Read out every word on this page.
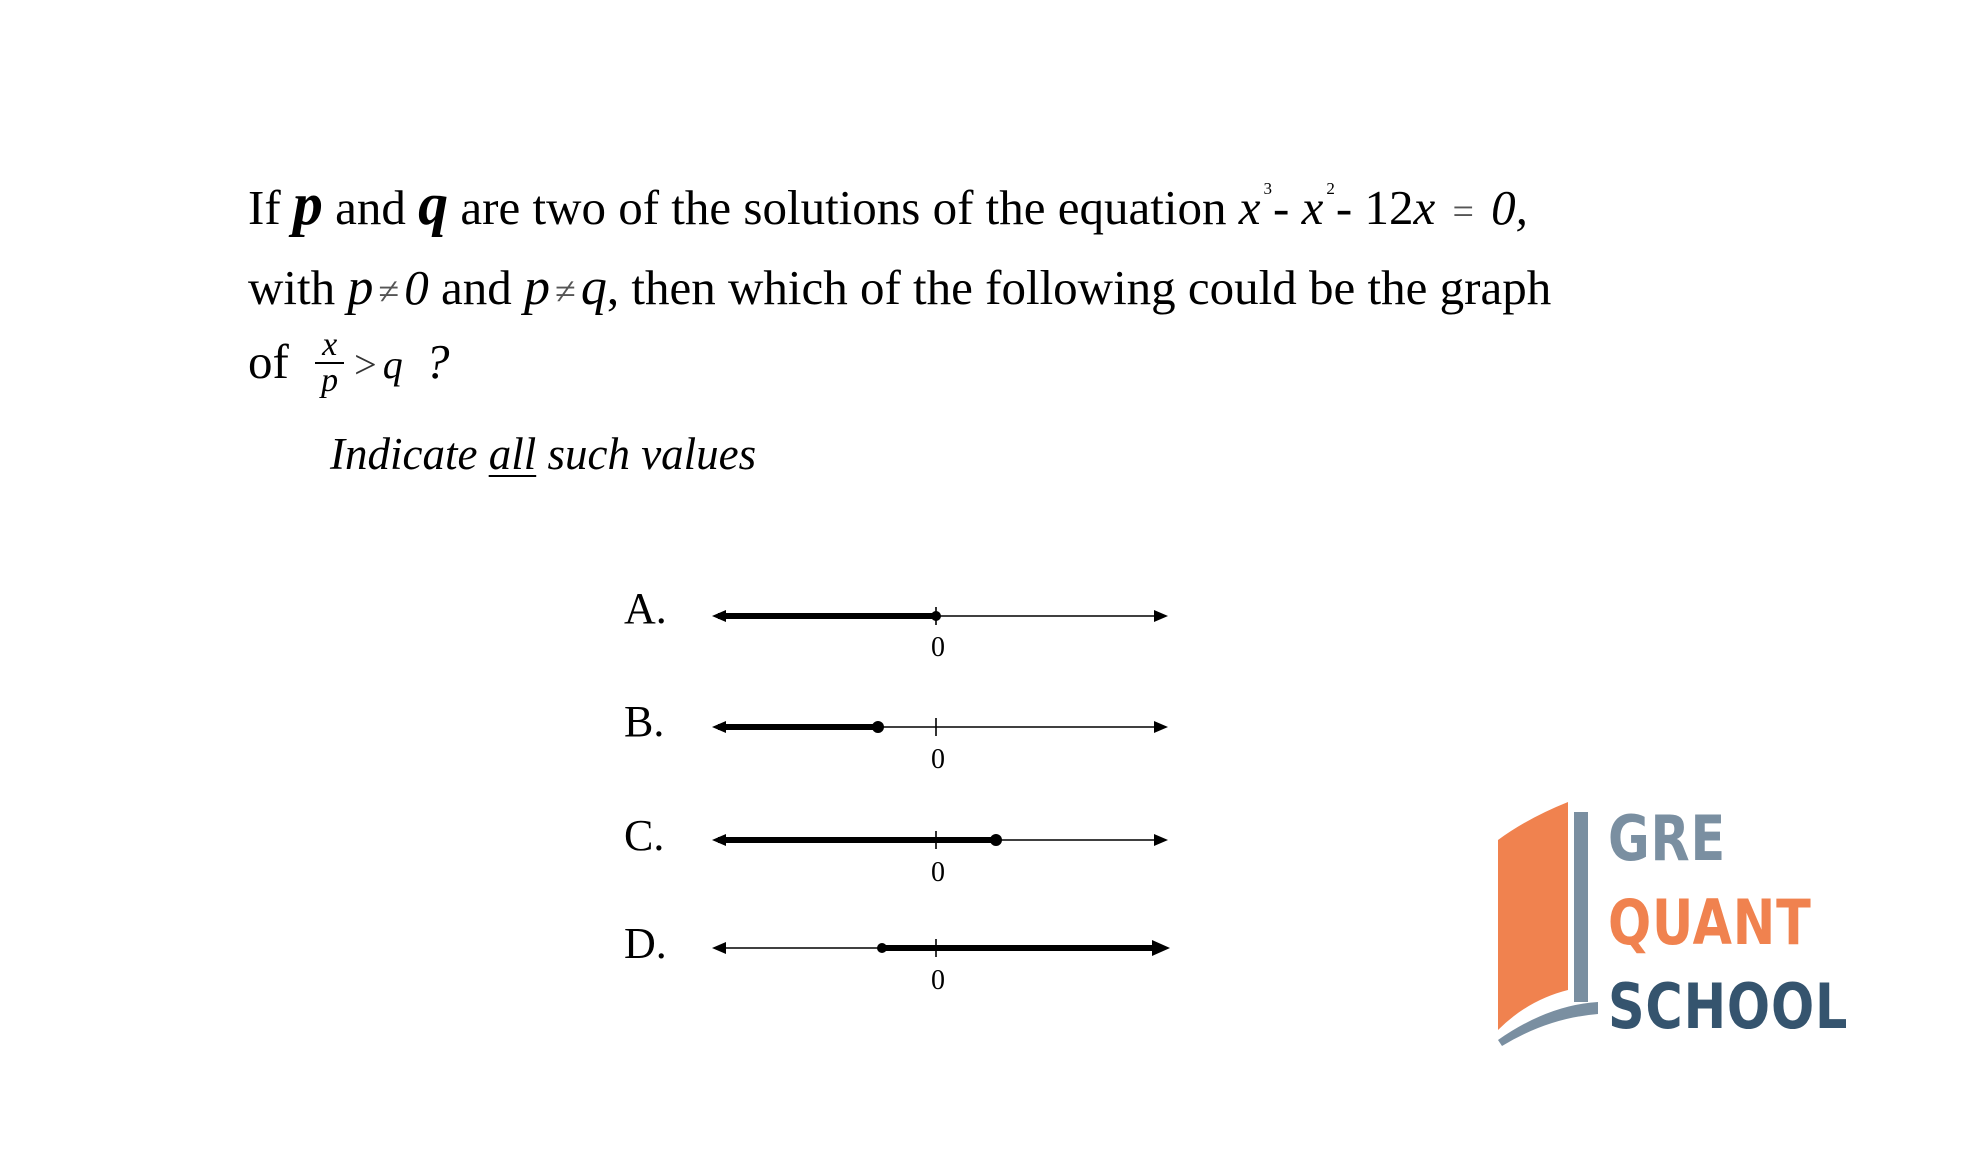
If p and q are two of the solutions of the equation x $^3$- x $^2$- 12x = 0,
with p ≠ 0 and p ≠q, then which of the following could be the graph
of $\frac{x}{p} > q$ ?
Indicate all such values
A.
0
B.
0
C.
0
D.
0
GRE
QUANT
SCHOOL
